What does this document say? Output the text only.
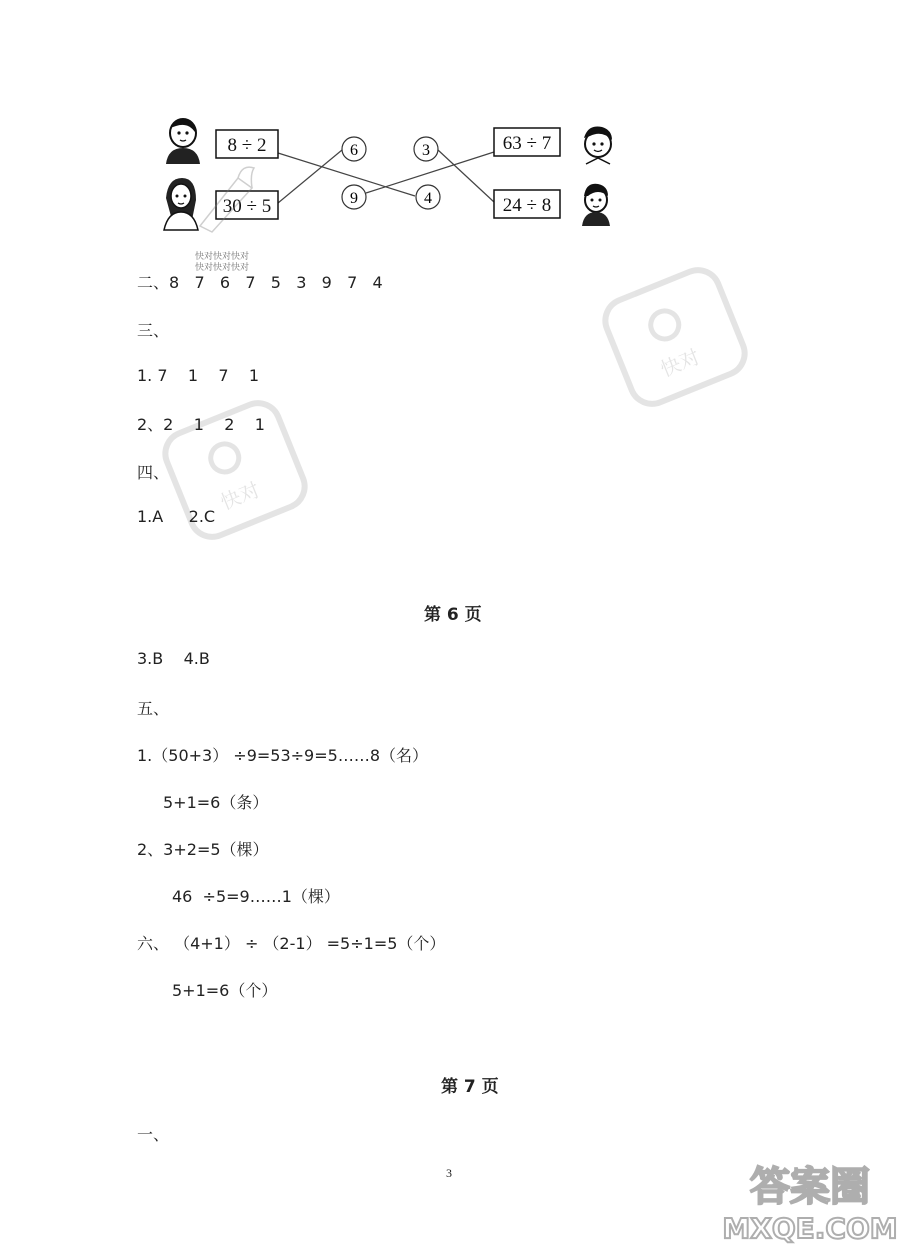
8 ÷ 2
30 ÷ 5
63 ÷ 7
24 ÷ 8
6
9
3
4
快对快对快对
快对快对快对
快对
快对
二、8   7   6   7   5   3   9   7   4
三、
1. 7    1    7    1
2、2    1    2    1
四、
1.A     2.C
第 6 页
3.B    4.B
五、
1.（50+3） ÷9=53÷9=5……8（名）
5+1=6（条）
2、3+2=5（棵）
46  ÷5=9……1（棵）
六、 （4+1） ÷ （2-1） =5÷1=5（个）
5+1=6（个）
第 7 页
一、
3	答案圈
MXQE.COM
